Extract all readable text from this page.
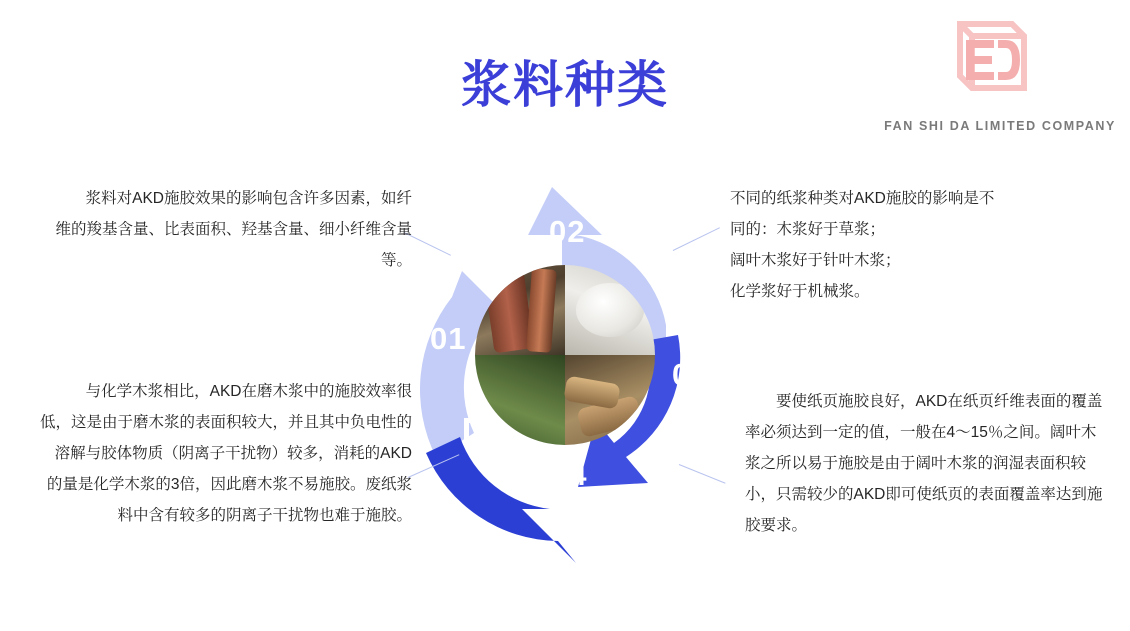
浆料种类
FAN SHI DA LIMITED COMPANY
01
02
03
04
浆料对AKD施胶效果的影响包含许多因素，如纤维的羧基含量、比表面积、羟基含量、细小纤维含量等。
与化学木浆相比，AKD在磨木浆中的施胶效率很低，这是由于磨木浆的表面积较大，并且其中负电性的溶解与胶体物质（阴离子干扰物）较多，消耗的AKD的量是化学木浆的3倍，因此磨木浆不易施胶。废纸浆料中含有较多的阴离子干扰物也难于施胶。

不同的纸浆种类对AKD施胶的影响是不

同的：木浆好于草浆；

阔叶木浆好于针叶木浆；

化学浆好于机械浆。

要使纸页施胶良好，AKD在纸页纤维表面的覆盖率必须达到一定的值，一般在4～15％之间。阔叶木浆之所以易于施胶是由于阔叶木浆的润湿表面积较小，只需较少的AKD即可使纸页的表面覆盖率达到施胶要求。
